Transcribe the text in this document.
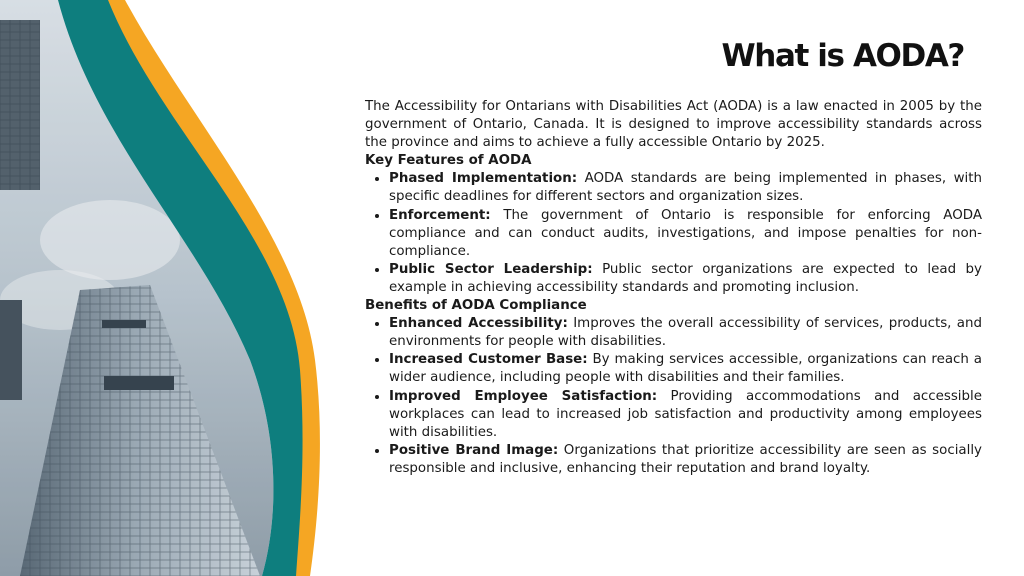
What is AODA?

The Accessibility for Ontarians with Disabilities Act (AODA) is a law enacted in 2005 by the government of Ontario, Canada. It is designed to improve accessibility standards across the province and aims to achieve a fully accessible Ontario by 2025.

Key Features of AODA

• Phased Implementation: AODA standards are being implemented in phases, with specific deadlines for different sectors and organization sizes.
• Enforcement: The government of Ontario is responsible for enforcing AODA compliance and can conduct audits, investigations, and impose penalties for non-compliance.
• Public Sector Leadership: Public sector organizations are expected to lead by example in achieving accessibility standards and promoting inclusion.

Benefits of AODA Compliance

• Enhanced Accessibility: Improves the overall accessibility of services, products, and environments for people with disabilities.
• Increased Customer Base: By making services accessible, organizations can reach a wider audience, including people with disabilities and their families.
• Improved Employee Satisfaction: Providing accommodations and accessible workplaces can lead to increased job satisfaction and productivity among employees with disabilities.
• Positive Brand Image: Organizations that prioritize accessibility are seen as socially responsible and inclusive, enhancing their reputation and brand loyalty.
